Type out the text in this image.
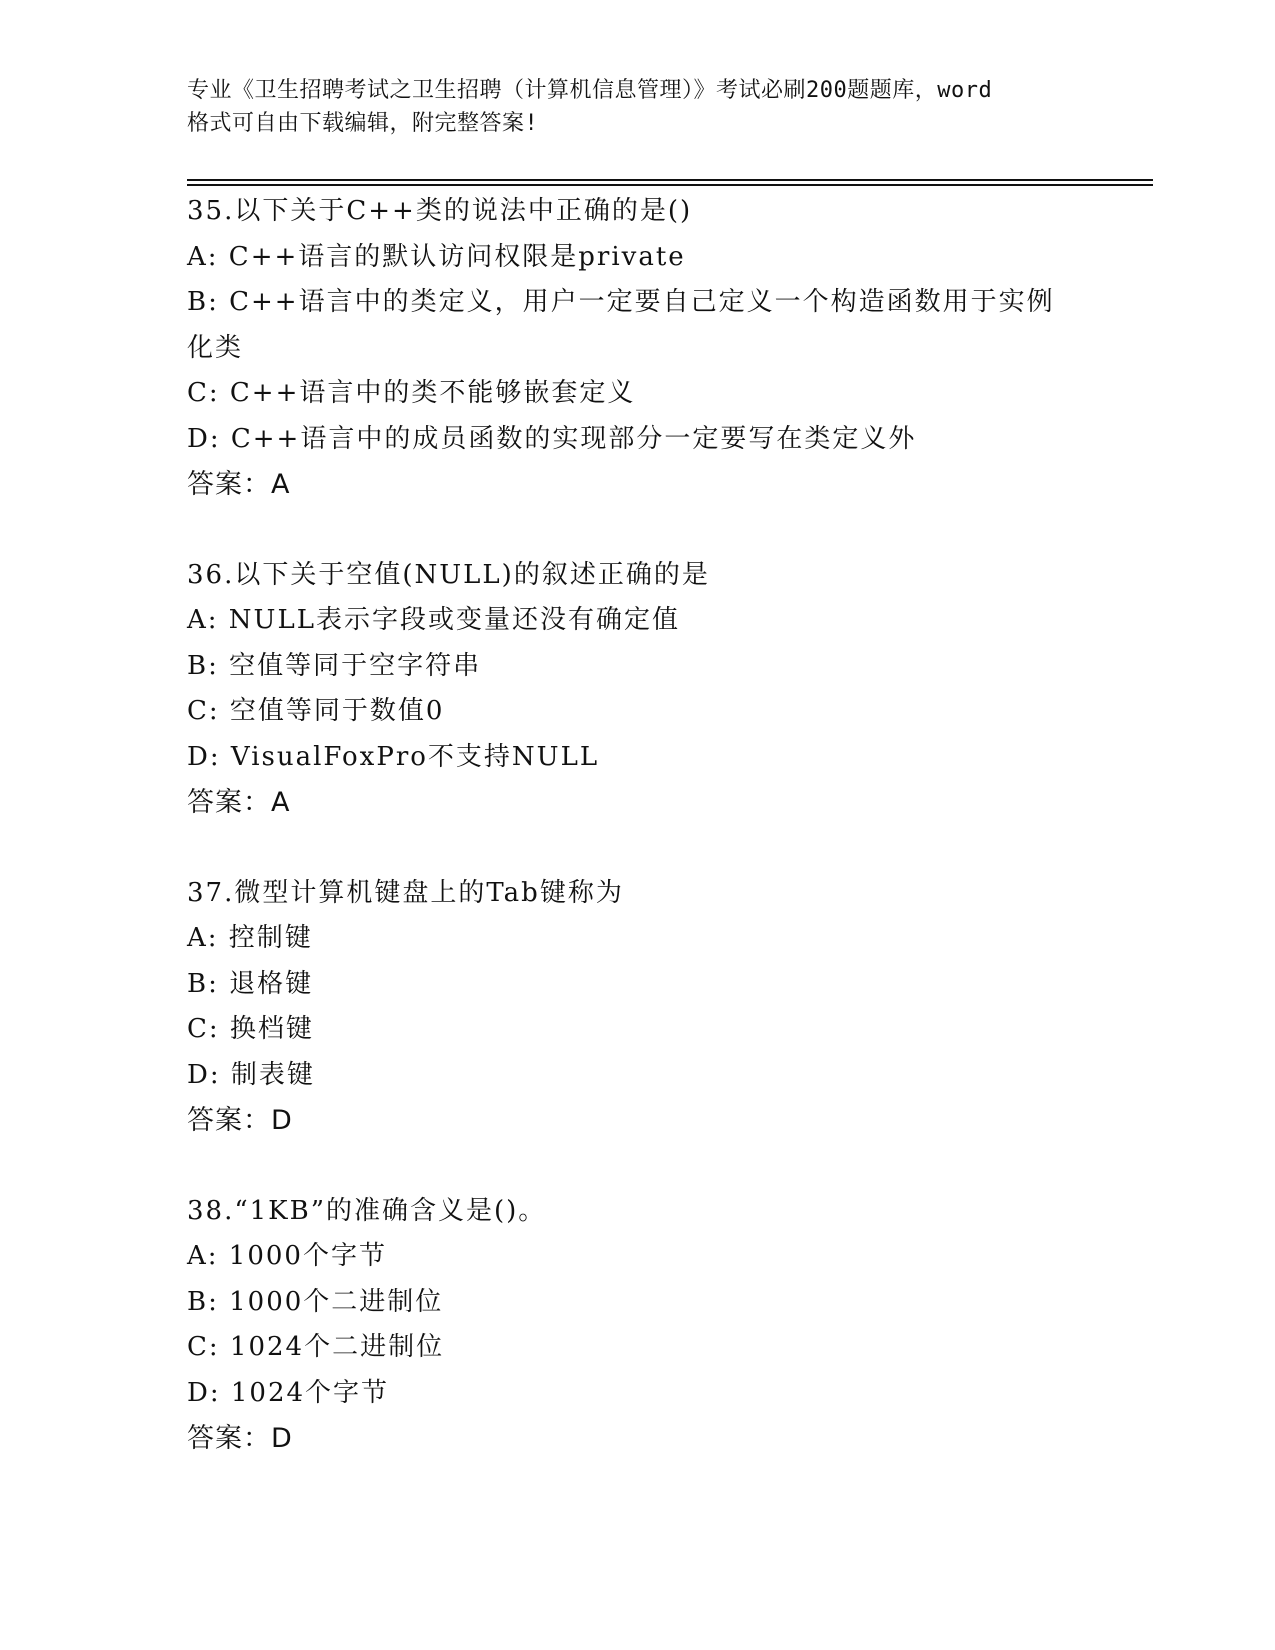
专业《卫生招聘考试之卫生招聘（计算机信息管理）》考试必刷200题题库，word
格式可自由下载编辑，附完整答案!
35.以下关于C++类的说法中正确的是()
A: C++语言的默认访问权限是private
B: C++语言中的类定义，用户一定要自己定义一个构造函数用于实例
化类
C: C++语言中的类不能够嵌套定义
D: C++语言中的成员函数的实现部分一定要写在类定义外
答案：A
36.以下关于空值(NULL)的叙述正确的是
A: NULL表示字段或变量还没有确定值
B: 空值等同于空字符串
C: 空值等同于数值0
D: VisualFoxPro不支持NULL
答案：A
37.微型计算机键盘上的Tab键称为
A: 控制键
B: 退格键
C: 换档键
D: 制表键
答案：D
38.“1KB”的准确含义是()。
A: 1000个字节
B: 1000个二进制位
C: 1024个二进制位
D: 1024个字节
答案：D
